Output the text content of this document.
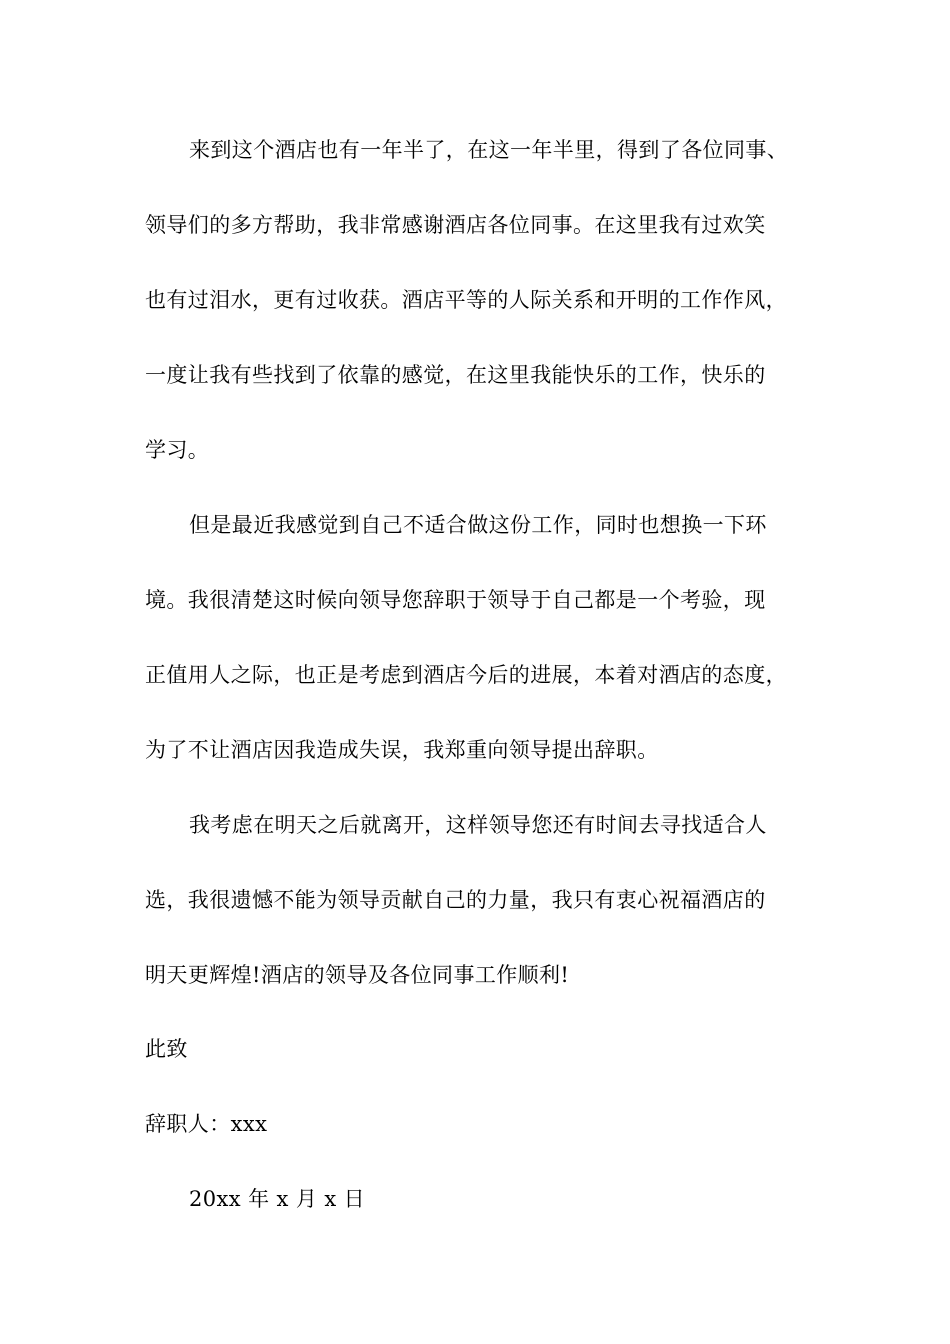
来到这个酒店也有一年半了，在这一年半里，得到了各位同事、
领导们的多方帮助，我非常感谢酒店各位同事。在这里我有过欢笑
也有过泪水，更有过收获。酒店平等的人际关系和开明的工作作风，
一度让我有些找到了依靠的感觉，在这里我能快乐的工作，快乐的
学习。
但是最近我感觉到自己不适合做这份工作，同时也想换一下环
境。我很清楚这时候向领导您辞职于领导于自己都是一个考验，现
正值用人之际，也正是考虑到酒店今后的进展，本着对酒店的态度，
为了不让酒店因我造成失误，我郑重向领导提出辞职。
我考虑在明天之后就离开，这样领导您还有时间去寻找适合人
选，我很遗憾不能为领导贡献自己的力量，我只有衷心祝福酒店的
明天更辉煌!酒店的领导及各位同事工作顺利!
此致
辞职人：xxx
20xx 年 x 月 x 日
